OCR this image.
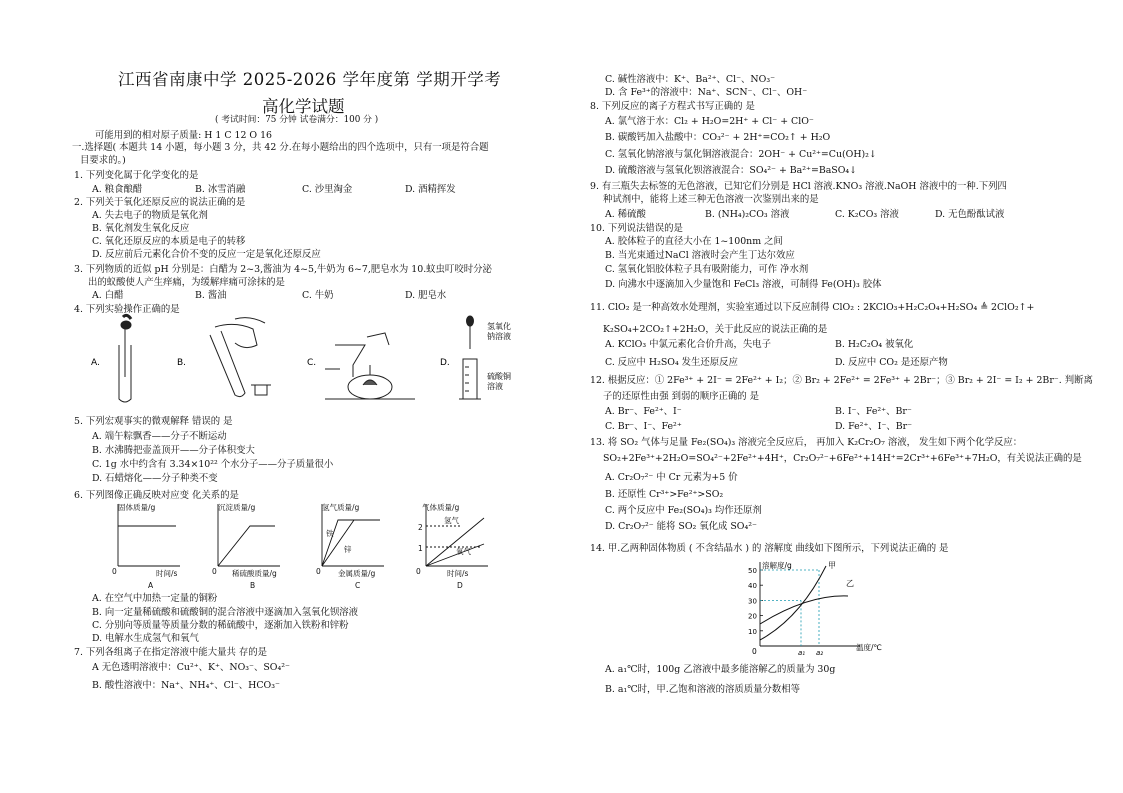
江西省南康中学 2025-2026 学年度第 学期开学考
高化学试题
( 考试时间：75 分钟 试卷满分：100 分 )
可能用到的相对原子质量: H 1 C 12 O 16
一.选择题( 本题共 14 小题，每小题 3 分，共 42 分.在每小题给出的四个选项中，只有一项是符合题
目要求的。)
1. 下列变化属于化学变化的是
A. 粮食酿醋	B. 冰雪消融	C. 沙里淘金	D. 酒精挥发
2. 下列关于氧化还原反应的说法正确的是
A. 失去电子的物质是氧化剂
B. 氧化剂发生氧化反应
C. 氧化还原反应的本质是电子的转移
D. 反应前后元素化合价不变的反应一定是氧化还原反应
3. 下列物质的近似 pH 分别是：白醋为 2~3,酱油为 4~5,牛奶为 6~7,肥皂水为 10.蚊虫叮咬时分泌
出的蚁酸使人产生痒痛，为缓解痒痛可涂抹的是
A. 白醋	B. 酱油	C. 牛奶	D. 肥皂水
4. 下列实验操作正确的是
A.	B.	C.	D.
氢氧化
钠溶液
硫酸铜
溶液
5. 下列宏观事实的微观解释 错误的 是
A. 端午粽飘香——分子不断运动
B. 水沸腾把壶盖顶开——分子体积变大
C. 1g 水中约含有 3.34×10²² 个水分子——分子质量很小
D. 石蜡熔化——分子种类不变
6. 下列图像正确反映对应变 化关系的是
固体质量/g
0	时间/s
A
沉淀质量/g
0 稀硫酸质量/g
B
氢气质量/g
0 金属质量/g
C
铁
锌
气体质量/g
0	时间/s
D
2
1
氢气
氧气
A. 在空气中加热一定量的铜粉
B. 向一定量稀硫酸和硫酸铜的混合溶液中逐滴加入氢氧化钡溶液
C. 分别向等质量等质量分数的稀硫酸中，逐渐加入铁粉和锌粉
D. 电解水生成氢气和氧气
7. 下列各组离子在指定溶液中能大量共 存的是
A 无色透明溶液中：Cu²⁺、K⁺、NO₃⁻、SO₄²⁻
B. 酸性溶液中：Na⁺、NH₄⁺、Cl⁻、HCO₃⁻
C. 碱性溶液中：K⁺、Ba²⁺、Cl⁻、NO₃⁻
D. 含 Fe³⁺的溶液中：Na⁺、SCN⁻、Cl⁻、OH⁻
8. 下列反应的离子方程式书写正确的 是
A. 氯气溶于水：Cl₂ + H₂O=2H⁺ + Cl⁻ + ClO⁻
B. 碳酸钙加入盐酸中：CO₃²⁻ + 2H⁺=CO₂↑ + H₂O
C. 氢氧化钠溶液与氯化铜溶液混合：2OH⁻ + Cu²⁺=Cu(OH)₂↓
D. 硫酸溶液与氢氧化钡溶液混合：SO₄²⁻ + Ba²⁺=BaSO₄↓
9. 有三瓶失去标签的无色溶液，已知它们分别是 HCl 溶液.KNO₃ 溶液.NaOH 溶液中的一种.下列四
种试剂中，能将上述三种无色溶液一次鉴别出来的是
A. 稀硫酸	B. (NH₄)₂CO₃ 溶液	C. K₂CO₃ 溶液	D. 无色酚酞试液
10. 下列说法错误的是
A. 胶体粒子的直径大小在 1~100nm 之间
B. 当光束通过NaCl 溶液时会产生丁达尔效应
C. 氢氧化铝胶体粒子具有吸附能力，可作 净水剂
D. 向沸水中逐滴加入少量饱和 FeCl₃ 溶液，可制得 Fe(OH)₃ 胶体
11. ClO₂ 是一种高效水处理剂，实验室通过以下反应制得 ClO₂ : 2KClO₃+H₂C₂O₄+H₂SO₄ ≜ 2ClO₂↑+
K₂SO₄+2CO₂↑+2H₂O，关于此反应的说法正确的是
A. KClO₃ 中氯元素化合价升高，失电子	B. H₂C₂O₄ 被氧化
C. 反应中 H₂SO₄ 发生还原反应	D. 反应中 CO₂ 是还原产物
12. 根据反应：① 2Fe³⁺ + 2I⁻ = 2Fe²⁺ + I₂；② Br₂ + 2Fe²⁺ = 2Fe³⁺ + 2Br⁻；③ Br₂ + 2I⁻ = I₂ + 2Br⁻. 判断离
子的还原性由强 到弱的顺序正确的 是
A. Br⁻、Fe²⁺、I⁻	B. I⁻、Fe²⁺、Br⁻
C. Br⁻、I⁻、Fe²⁺	D. Fe²⁺、I⁻、Br⁻
13. 将 SO₂ 气体与足量 Fe₂(SO₄)₃ 溶液完全反应后， 再加入 K₂Cr₂O₇ 溶液， 发生如下两个化学反应：
SO₂+2Fe³⁺+2H₂O=SO₄²⁻+2Fe²⁺+4H⁺，Cr₂O₇²⁻+6Fe²⁺+14H⁺=2Cr³⁺+6Fe³⁺+7H₂O，有关说法正确的是
A. Cr₂O₇²⁻ 中 Cr 元素为+5 价
B. 还原性 Cr³⁺>Fe²⁺>SO₂
C. 两个反应中 Fe₂(SO₄)₃ 均作还原剂
D. Cr₂O₇²⁻ 能将 SO₂ 氧化成 SO₄²⁻
14. 甲.乙两种固体物质 ( 不含结晶水 ) 的 溶解度 曲线如下图所示，下列说法正确的 是
溶解度/g
温度/℃
0
10
20
30
40
50
a₁ a₂
甲
乙
A. a₁℃时，100g 乙溶液中最多能溶解乙的质量为 30g
B. a₁℃时，甲.乙饱和溶液的溶质质量分数相等
